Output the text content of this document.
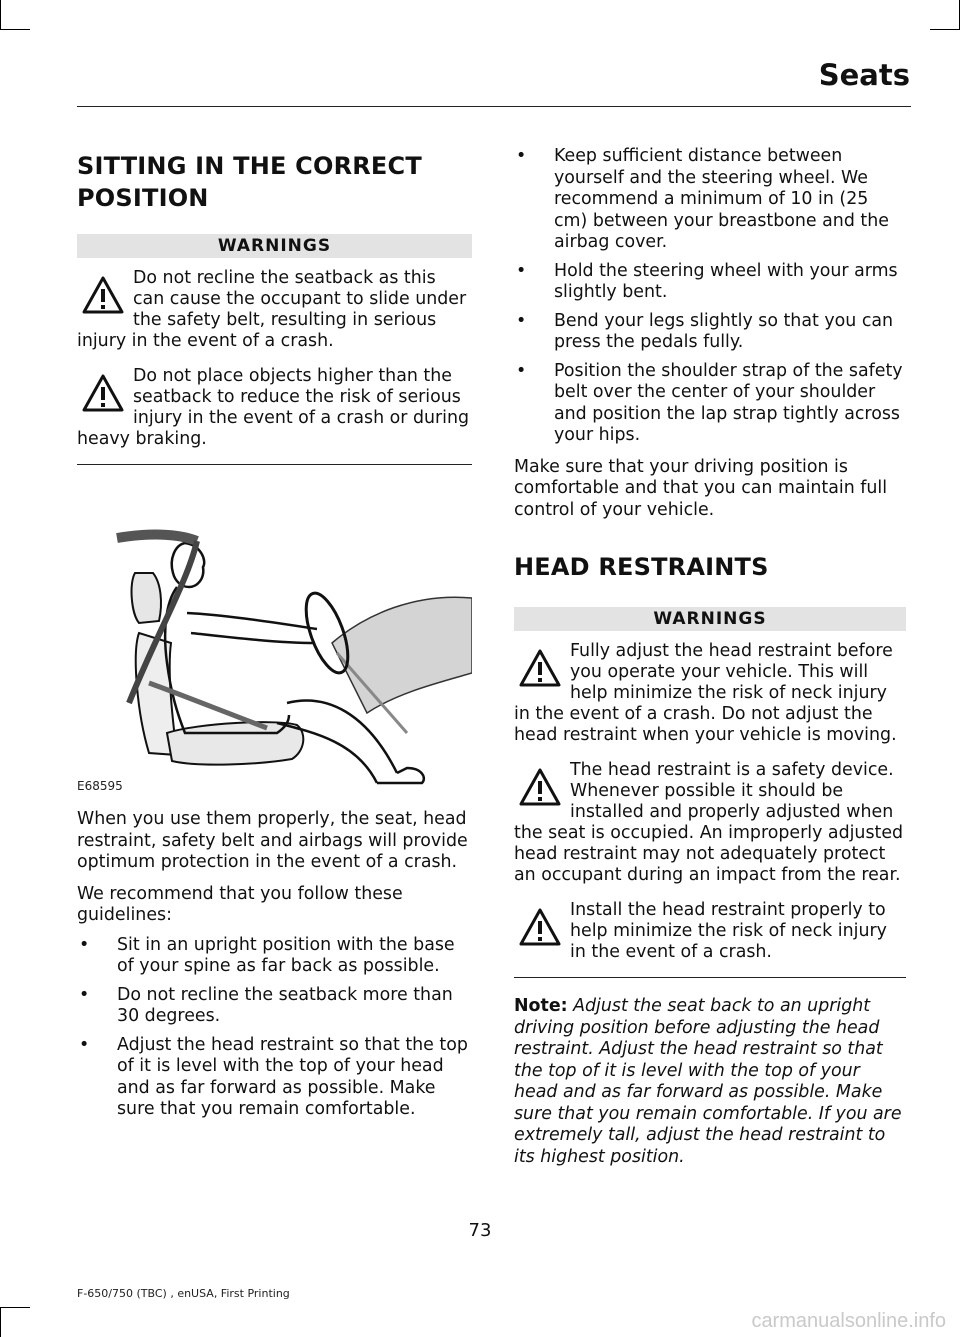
Seats
SITTING IN THE CORRECT POSITION
WARNINGS

Do not recline the seatback as this can cause the occupant to slide under the safety belt, resulting in serious injury in the event of a crash.

Do not place objects higher than the seatback to reduce the risk of serious injury in the event of a crash or during heavy braking.

E68595

When you use them properly, the seat, head restraint, safety belt and airbags will provide optimum protection in the event of a crash.

We recommend that you follow these guidelines:

• Sit in an upright position with the base of your spine as far back as possible.
• Do not recline the seatback more than 30 degrees.
• Adjust the head restraint so that the top of it is level with the top of your head and as far forward as possible. Make sure that you remain comfortable.
• Keep sufficient distance between yourself and the steering wheel. We recommend a minimum of 10 in (25 cm) between your breastbone and the airbag cover.
• Hold the steering wheel with your arms slightly bent.
• Bend your legs slightly so that you can press the pedals fully.
• Position the shoulder strap of the safety belt over the center of your shoulder and position the lap strap tightly across your hips.

Make sure that your driving position is comfortable and that you can maintain full control of your vehicle.

HEAD RESTRAINTS
WARNINGS

Fully adjust the head restraint before you operate your vehicle. This will help minimize the risk of neck injury in the event of a crash. Do not adjust the head restraint when your vehicle is moving.

The head restraint is a safety device. Whenever possible it should be installed and properly adjusted when the seat is occupied. An improperly adjusted head restraint may not adequately protect an occupant during an impact from the rear.

Install the head restraint properly to help minimize the risk of neck injury in the event of a crash.

Note: Adjust the seat back to an upright driving position before adjusting the head restraint. Adjust the head restraint so that the top of it is level with the top of your head and as far forward as possible. Make sure that you remain comfortable. If you are extremely tall, adjust the head restraint to its highest position.
73
F-650/750 (TBC) , enUSA, First Printing
carmanualsonline.info
